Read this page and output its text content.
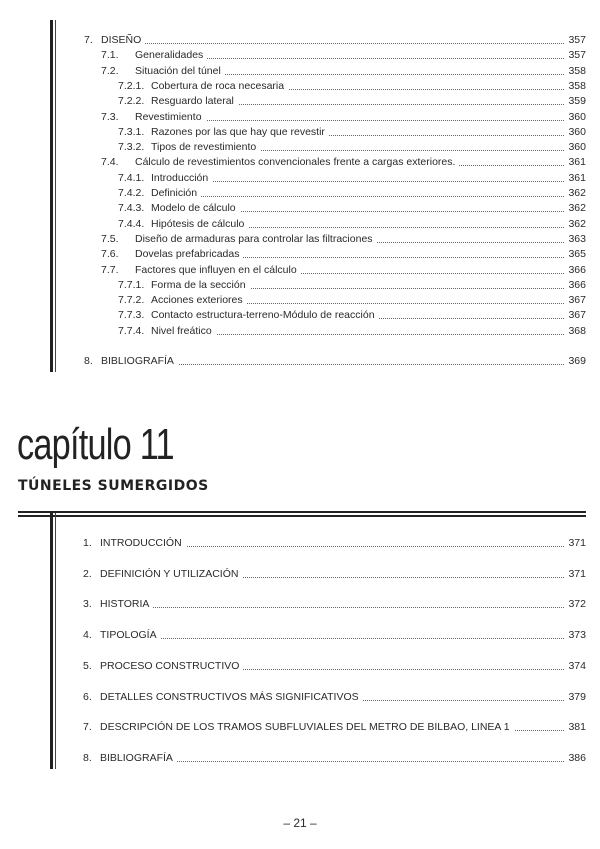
7. DISEÑO	357
7.1.	Generalidades	357
7.2.	Situación del túnel	358
7.2.1. Cobertura de roca necesaria	358
7.2.2. Resguardo lateral	359
7.3.	Revestimiento	360
7.3.1. Razones por las que hay que revestir	360
7.3.2. Tipos de revestimiento	360
7.4.	Cálculo de revestimientos convencionales frente a cargas exteriores.	361
7.4.1. Introducción	361
7.4.2. Definición	362
7.4.3. Modelo de cálculo	362
7.4.4. Hipótesis de cálculo	362
7.5.	Diseño de armaduras para controlar las filtraciones	363
7.6.	Dovelas prefabricadas	365
7.7.	Factores que influyen en el cálculo	366
7.7.1. Forma de la sección	366
7.7.2. Acciones exteriores	367
7.7.3. Contacto estructura-terreno-Módulo de reacción	367
7.7.4. Nivel freático	368
8. BIBLIOGRAFÍA	369
capítulo 11
TÚNELES SUMERGIDOS
1. INTRODUCCIÓN	371
2. DEFINICIÓN Y UTILIZACIÓN	371
3. HISTORIA	372
4. TIPOLOGÍA	373
5. PROCESO CONSTRUCTIVO	374
6. DETALLES CONSTRUCTIVOS MÁS SIGNIFICATIVOS	379
7. DESCRIPCIÓN DE LOS TRAMOS SUBFLUVIALES DEL METRO DE BILBAO, LINEA 1	381
8. BIBLIOGRAFÍA	386
– 21 –
